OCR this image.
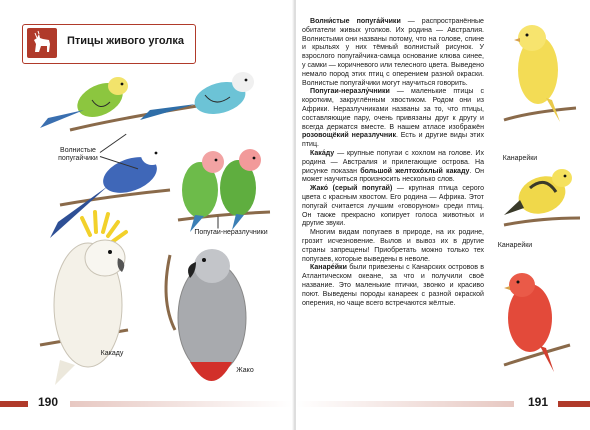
Птицы живого уголка
Волнистые
попугайчики
Попугаи-неразлучники
Какаду
Жако

Волни́стые попуга́йчики — распространённые обитатели живых уголков. Их родина — Австралия. Волнистыми они названы потому, что на голове, спине и крыльях у них тёмный волнистый рисунок. У взрослого попугайчика-самца основание клюва синее, у самки — коричневого или телесного цвета. Выведено немало пород этих птиц с оперением разной окраски. Волнистые попугайчики могут научиться говорить.

Попугаи-неразлу́чники — маленькие птицы с коротким, закруглённым хвостиком. Родом они из Африки. Неразлучниками названы за то, что птицы, составляющие пару, очень привязаны друг к другу и всегда держатся вместе. В нашем атласе изображён розовощёкий неразлучник. Есть и другие виды этих птиц.

Кака́ду — крупные попугаи с хохлом на голове. Их родина — Австралия и прилегающие острова. На рисунке показан большой желтохо́хлый какаду. Он может научиться произносить несколько слов.

Жако́ (серый попугай) — крупная птица серого цвета с красным хвостом. Его родина — Африка. Этот попугай считается лучшим «говоруном» среди птиц. Он также прекрасно копирует голоса животных и другие звуки.

Многим видам попугаев в природе, на их родине, грозит исчезновение. Вылов и вывоз их в другие страны запрещены! Приобретать можно только тех попугаев, которые выведены в неволе.

Канаре́йки были привезены с Канарских островов в Атлантическом океане, за что и получили своё название. Это маленькие птички, звонко и красиво поют. Выведены породы канареек с разной окраской оперения, но чаще всего встречаются жёлтые.

Канарейки
Канарейки
190	191
